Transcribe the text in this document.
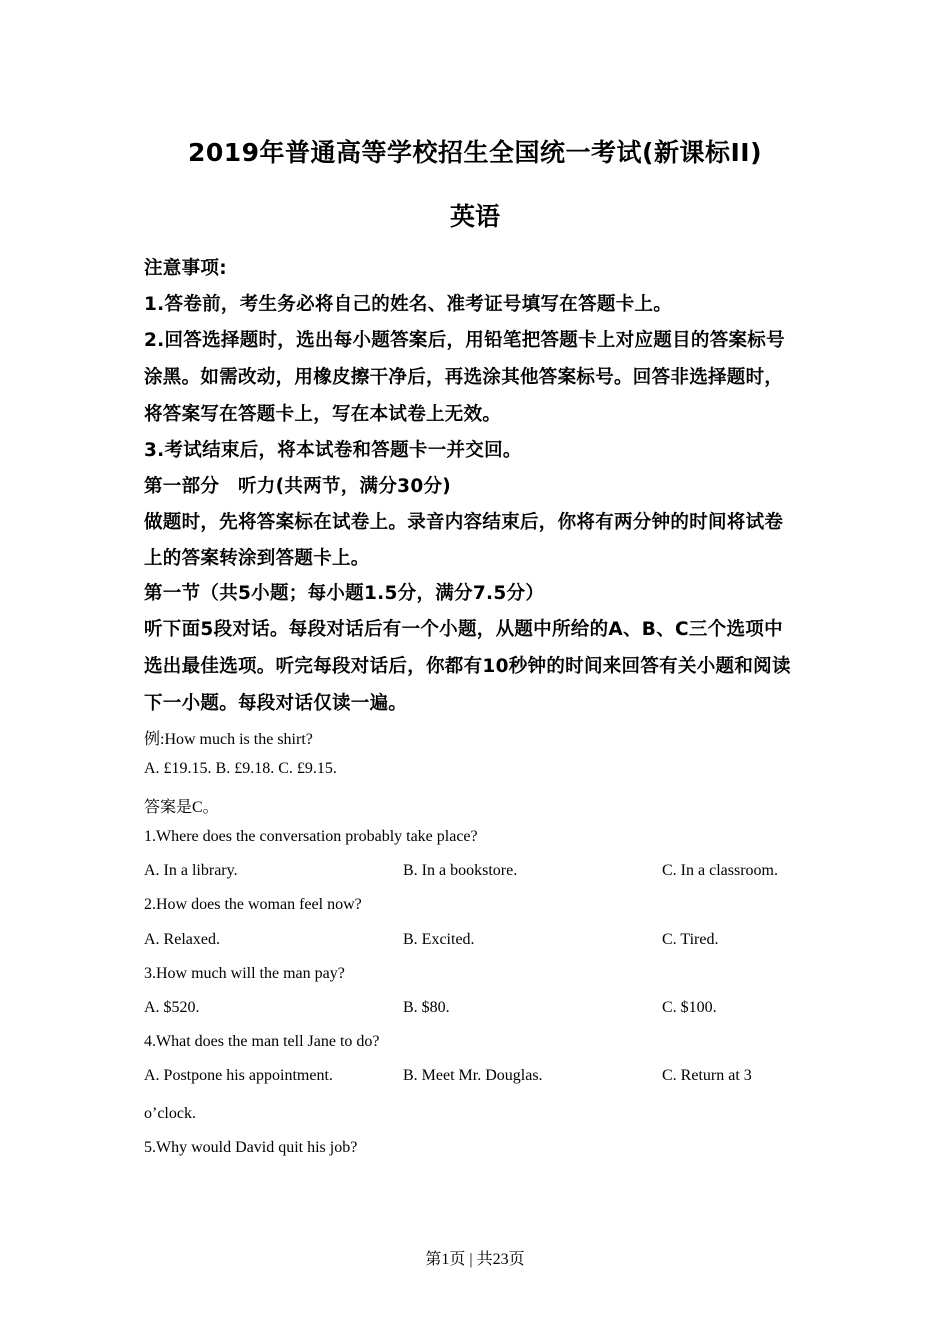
2019年普通高等学校招生全国统一考试(新课标II)
英语
注意事项:
1.答卷前，考生务必将自己的姓名、准考证号填写在答题卡上。
2.回答选择题时，选出每小题答案后，用铅笔把答题卡上对应题目的答案标号
涂黑。如需改动，用橡皮擦干净后，再选涂其他答案标号。回答非选择题时，
将答案写在答题卡上，写在本试卷上无效。
3.考试结束后，将本试卷和答题卡一并交回。
第一部分　听力(共两节，满分30分)
做题时，先将答案标在试卷上。录音内容结束后，你将有两分钟的时间将试卷
上的答案转涂到答题卡上。
第一节（共5小题；每小题1.5分，满分7.5分）
听下面5段对话。每段对话后有一个小题，从题中所给的A、B、C三个选项中
选出最佳选项。听完每段对话后，你都有10秒钟的时间来回答有关小题和阅读
下一小题。每段对话仅读一遍。
例:How much is the shirt?
A. £19.15. B. £9.18. C. £9.15.
答案是C。
1.Where does the conversation probably take place?
A. In a library.	B. In a bookstore.	C. In a classroom.
2.How does the woman feel now?
A. Relaxed.	B. Excited.	C. Tired.
3.How much will the man pay?
A. $520.	B. $80.	C. $100.
4.What does the man tell Jane to do?
A. Postpone his appointment.	B. Meet Mr. Douglas.	C. Return at 3
o’clock.
5.Why would David quit his job?
第1页 | 共23页
